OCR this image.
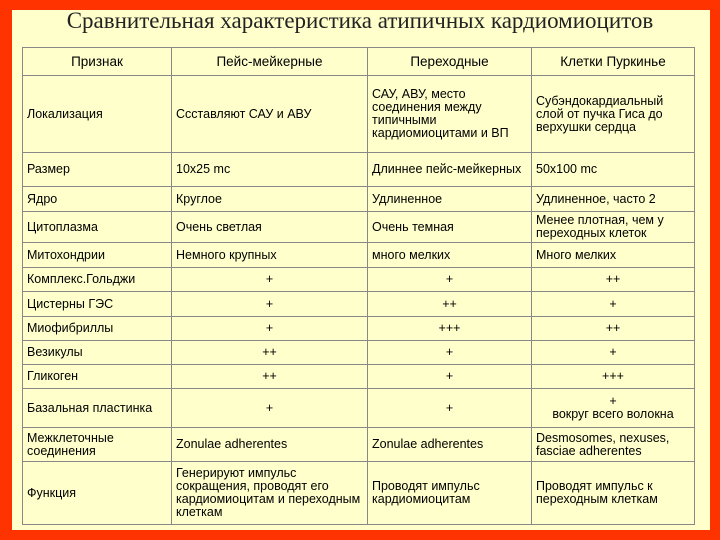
Сравнительная характеристика атипичных кардиомиоцитов
Признак	Пейс-мейкерные	Переходные	Клетки Пуркинье
Локализация	Ссставляют САУ и АВУ	САУ, АВУ, место соединения между типичными кардиомиоцитами и ВП	Субэндокардиальный слой от пучка Гиса до верхушки сердца
Размер	10х25 mc	Длиннее пейс-мейкерных	50х100 mc
Ядро	Круглое	Удлиненное	Удлиненное, часто 2
Цитоплазма	Очень светлая	Очень темная	Менее плотная, чем у переходных клеток
Митохондрии	Немного крупных	много мелких	Много мелких
Комплекс.Гольджи	+	+	++
Цистерны ГЭС	+	++	+
Миофибриллы	+	+++	++
Везикулы	++	+	+
Гликоген	++	+	+++
Базальная пластинка	+	+	+
вокруг всего волокна
Межклеточные соединения	Zonulae adherentes	Zonulae adherentes	Desmosomes, nexuses, fasciae adherentes
Функция	Генерируют импульс сокращения, проводят его кардиомиоцитам и переходным клеткам	Проводят импульс кардиомиоцитам	Проводят импульс к переходным клеткам
